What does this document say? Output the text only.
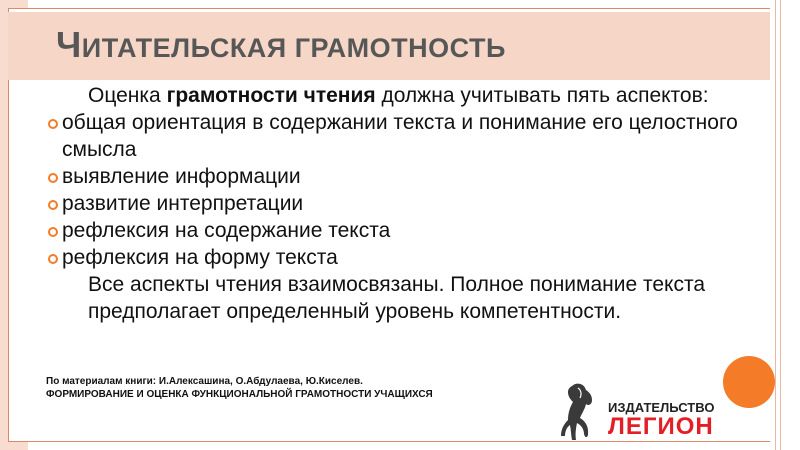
ЧИТАТЕЛЬСКАЯ ГРАМОТНОСТЬ

Оценка грамотности чтения должна учитывать пять аспектов:

общая ориентация в содержании текста и понимание его целостного смысла
выявление информации
развитие интерпретации
рефлексия на содержание текста
рефлексия на форму текста

Все аспекты чтения взаимосвязаны. Полное понимание текста предполагает определенный уровень компетентности.

По материалам книги: И.Алексашина, О.Абдулаева, Ю.Киселев.
ФОРМИРОВАНИЕ И ОЦЕНКА ФУНКЦИОНАЛЬНОЙ ГРАМОТНОСТИ УЧАЩИХСЯ
ИЗДАТЕЛЬСТВО
ЛЕГИОН
